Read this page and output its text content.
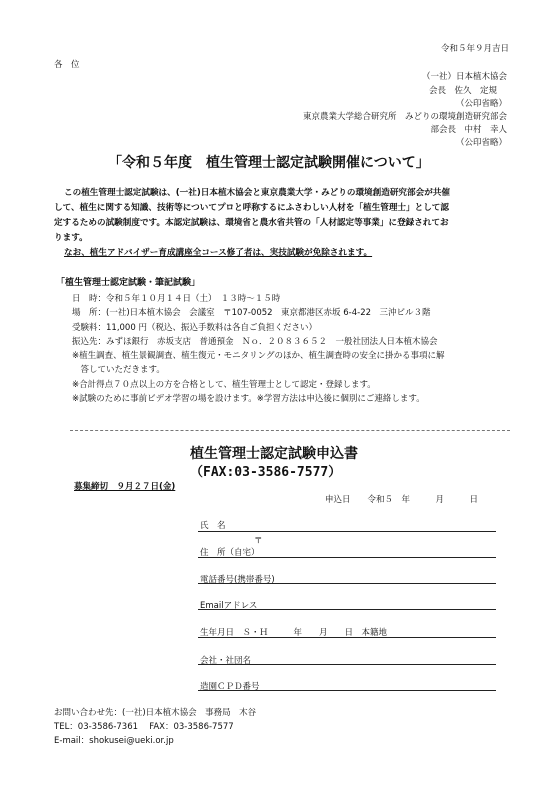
令和５年９月吉日
各　位
（一社）日本植木協会
会長　佐久　定規
（公印省略）
東京農業大学総合研究所　みどりの環境創造研究部会
部会長　中村　幸人
（公印省略）
「令和５年度　植生管理士認定試験開催について」
この植生管理士認定試験は、(一社)日本植木協会と東京農業大学・みどりの環境創造研究部会が共催
して、植生に関する知識、技術等についてプロと呼称するにふさわしい人材を「植生管理士」として認
定するための試験制度です。本認定試験は、環境省と農水省共管の「人材認定等事業」に登録されてお
ります。
なお、植生アドバイザー育成講座全コース修了者は、実技試験が免除されます。
「植生管理士認定試験・筆記試験」
日　時：令和５年１０月１４日（土）　１３時～１５時
場　所：(一社)日本植木協会　会議室　〒107-0052　東京都港区赤坂 6-4-22　三沖ビル３階
受験料：11,000 円（税込、振込手数料は各自ご負担ください）
振込先：みずほ銀行　赤坂支店　普通預金　Ｎｏ．２０８３６５２　一般社団法人日本植木協会
※植生調査、植生景観調査、植生復元・モニタリングのほか、植生調査時の安全に掛かる事項に解
　答していただきます。
※合計得点７０点以上の方を合格として、植生管理士として認定・登録します。
※試験のために事前ビデオ学習の場を設けます。※学習方法は申込後に個別にご連絡します。
植生管理士認定試験申込書
（FAX:03-3586-7577）
募集締切　９月２７日(金)
申込日　　令和５　年　　　月　　　日
氏　名
〒
住　所（自宅）
電話番号(携帯番号)
Emailアドレス
生年月日　Ｓ・Ｈ　　　年　　月　　日　本籍地
会社・社団名
造園ＣＰＤ番号
お問い合わせ先：(一社)日本植木協会　事務局　木谷
TEL：03-3586-7361　 FAX：03-3586-7577
E-mail：shokusei@ueki.or.jp
